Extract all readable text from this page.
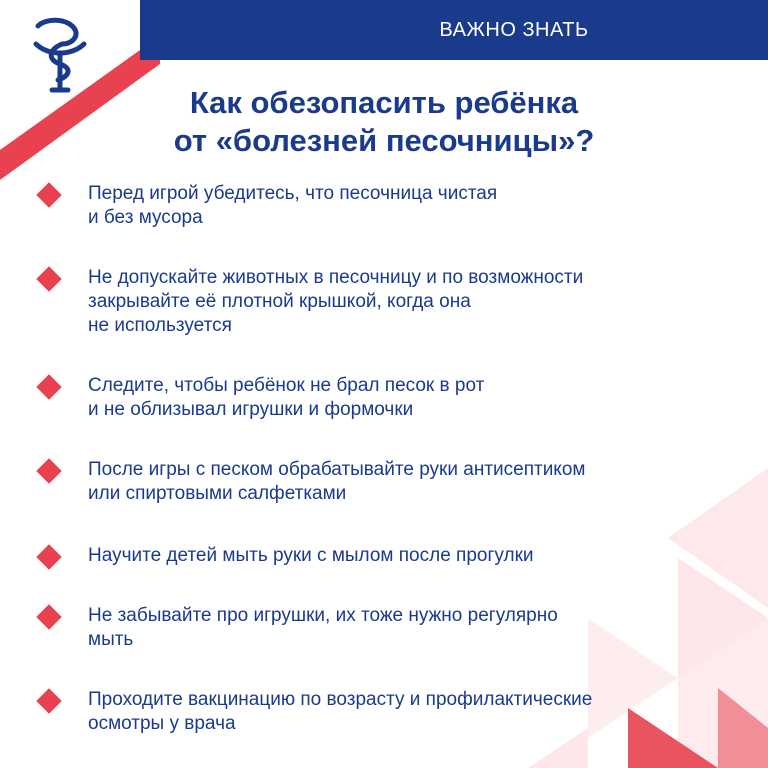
ВАЖНО ЗНАТЬ
Как обезопасить ребёнка
от «болезней песочницы»?
Перед игрой убедитесь, что песочница чистая
и без мусора
Не допускайте животных в песочницу и по возможности
закрывайте её плотной крышкой, когда она
не используется
Следите, чтобы ребёнок не брал песок в рот
и не облизывал игрушки и формочки
После игры с песком обрабатывайте руки антисептиком
или спиртовыми салфетками
Научите детей мыть руки с мылом после прогулки
Не забывайте про игрушки, их тоже нужно регулярно
мыть
Проходите вакцинацию по возрасту и профилактические
осмотры у врача
